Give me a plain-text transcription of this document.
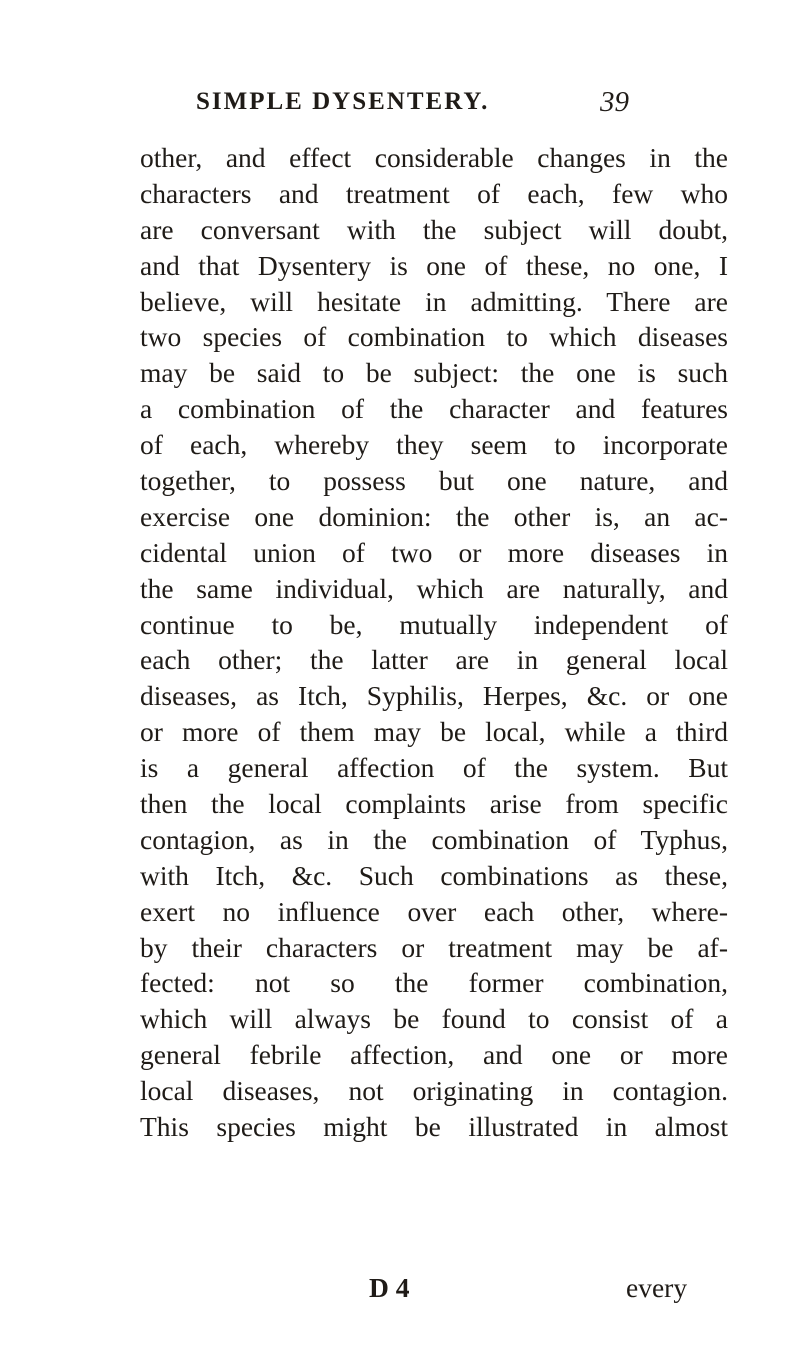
SIMPLE DYSENTERY.	39
other, and effect considerable changes in the
characters and treatment of each, few who
are conversant with the subject will doubt,
and that Dysentery is one of these, no one, I
believe, will hesitate in admitting. There are
two species of combination to which diseases
may be said to be subject: the one is such
a combination of the character and features
of each, whereby they seem to incorporate
together, to possess but one nature, and
exercise one dominion: the other is, an ac-
cidental union of two or more diseases in
the same individual, which are naturally, and
continue to be, mutually independent of
each other; the latter are in general local
diseases, as Itch, Syphilis, Herpes, &c. or one
or more of them may be local, while a third
is a general affection of the system. But
then the local complaints arise from specific
contagion, as in the combination of Typhus,
with Itch, &c. Such combinations as these,
exert no influence over each other, where-
by their characters or treatment may be af-
fected: not so the former combination,
which will always be found to consist of a
general febrile affection, and one or more
local diseases, not originating in contagion.
This species might be illustrated in almost
D 4	every
